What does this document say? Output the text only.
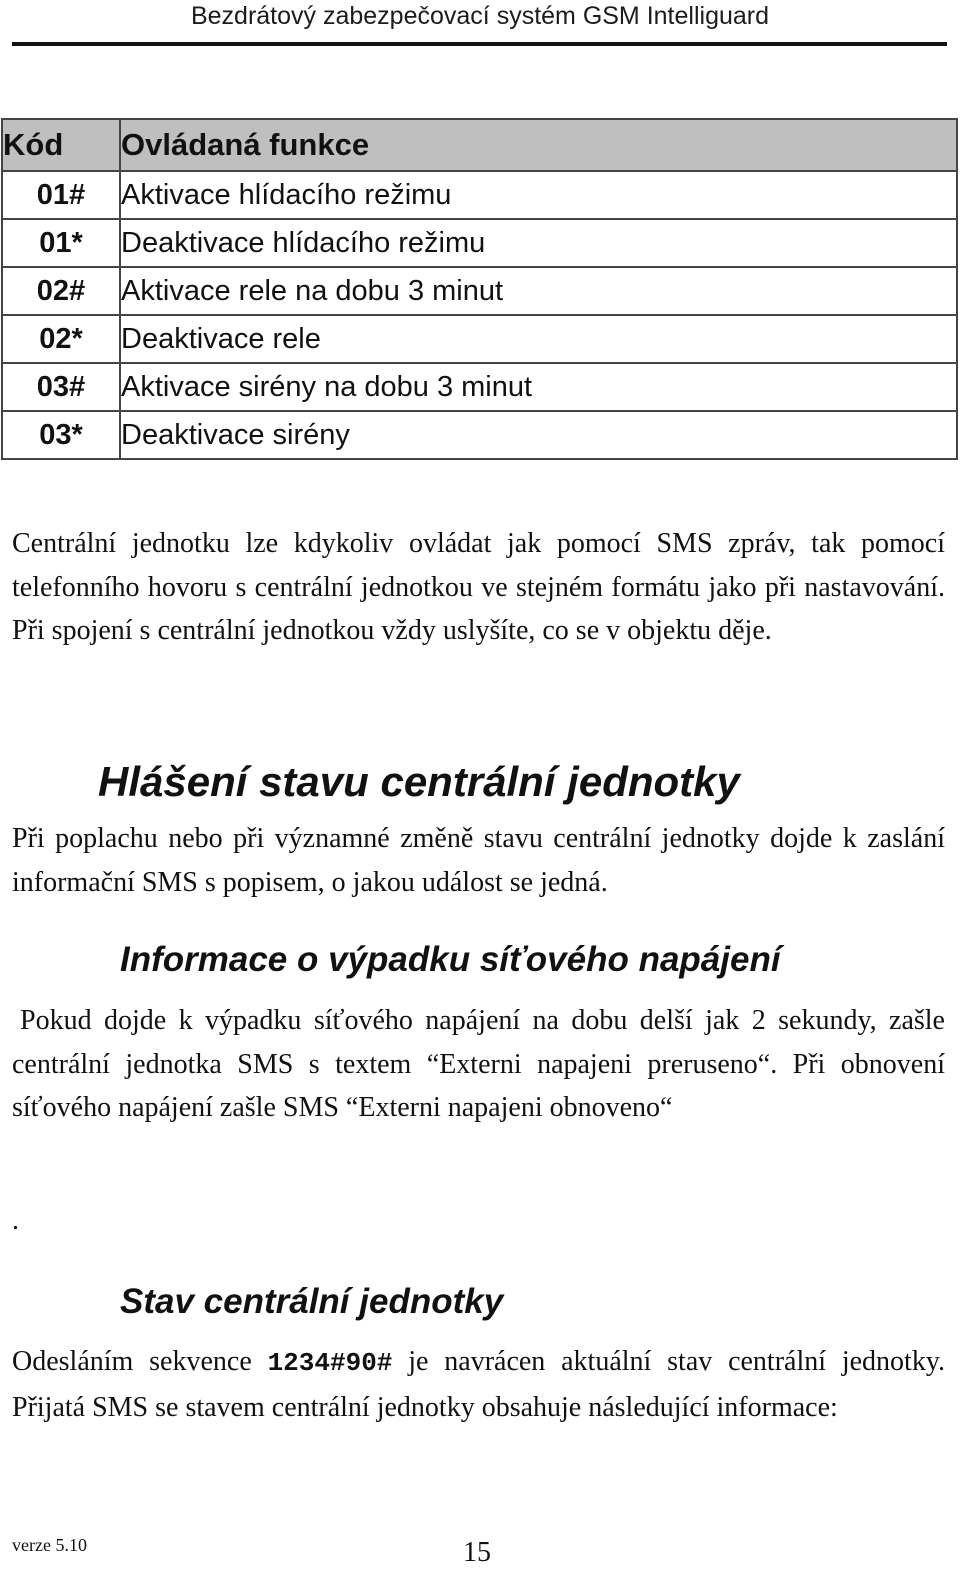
Bezdrátový zabezpečovací systém GSM Intelliguard
Kód	Ovládaná funkce
01#	Aktivace hlídacího režimu
01*	Deaktivace hlídacího režimu
02#	Aktivace rele na dobu 3 minut
02*	Deaktivace rele
03#	Aktivace sirény na dobu 3 minut
03*	Deaktivace sirény

Centrální jednotku lze kdykoliv ovládat jak pomocí SMS zpráv, tak pomocí telefonního hovoru s centrální jednotkou ve stejném formátu jako při nastavování. Při spojení s centrální jednotkou vždy uslyšíte, co se v objektu děje.

Hlášení stavu centrální jednotky

Při poplachu nebo při významné změně stavu centrální jednotky dojde k zaslání informační SMS s popisem, o jakou událost se jedná.

Informace o výpadku síťového napájení

Pokud dojde k výpadku síťového napájení na dobu delší jak 2 sekundy, zašle centrální jednotka SMS s textem “Externi napajeni preruseno“. Při obnovení síťového napájení zašle SMS “Externi napajeni obnoveno“

.
Stav centrální jednotky

Odesláním sekvence 1234#90# je navrácen aktuální stav centrální jednotky. Přijatá SMS se stavem centrální jednotky obsahuje následující informace:

verze 5.10	15
